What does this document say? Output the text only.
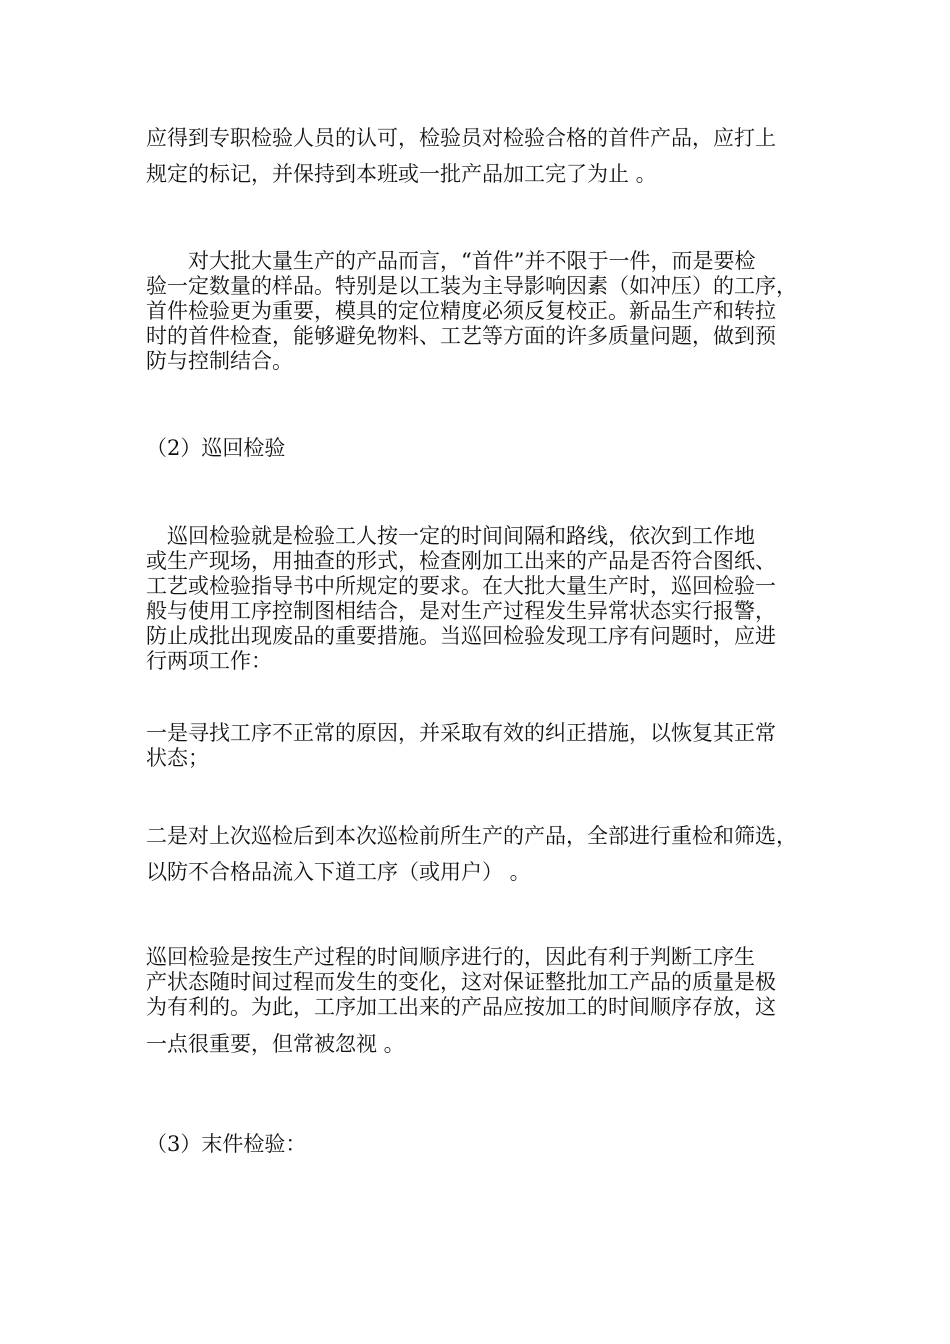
应得到专职检验人员的认可，检验员对检验合格的首件产品，应打上
规定的标记，并保持到本班或一批产品加工完了为止 。

　　对大批大量生产的产品而言，“首件”并不限于一件，而是要检
验一定数量的样品。特别是以工装为主导影响因素（如冲压）的工序，
首件检验更为重要，模具的定位精度必须反复校正。新品生产和转拉
时的首件检查，能够避免物料、工艺等方面的许多质量问题，做到预
防与控制结合。

（2）巡回检验

　巡回检验就是检验工人按一定的时间间隔和路线，依次到工作地
或生产现场，用抽查的形式，检查刚加工出来的产品是否符合图纸、
工艺或检验指导书中所规定的要求。在大批大量生产时，巡回检验一
般与使用工序控制图相结合，是对生产过程发生异常状态实行报警，
防止成批出现废品的重要措施。当巡回检验发现工序有问题时，应进
行两项工作：

一是寻找工序不正常的原因，并采取有效的纠正措施，以恢复其正常
状态；

二是对上次巡检后到本次巡检前所生产的产品，全部进行重检和筛选，
以防不合格品流入下道工序（或用户） 。

巡回检验是按生产过程的时间顺序进行的，因此有利于判断工序生
产状态随时间过程而发生的变化，这对保证整批加工产品的质量是极
为有利的。为此，工序加工出来的产品应按加工的时间顺序存放，这
一点很重要，但常被忽视 。

（3）末件检验：
